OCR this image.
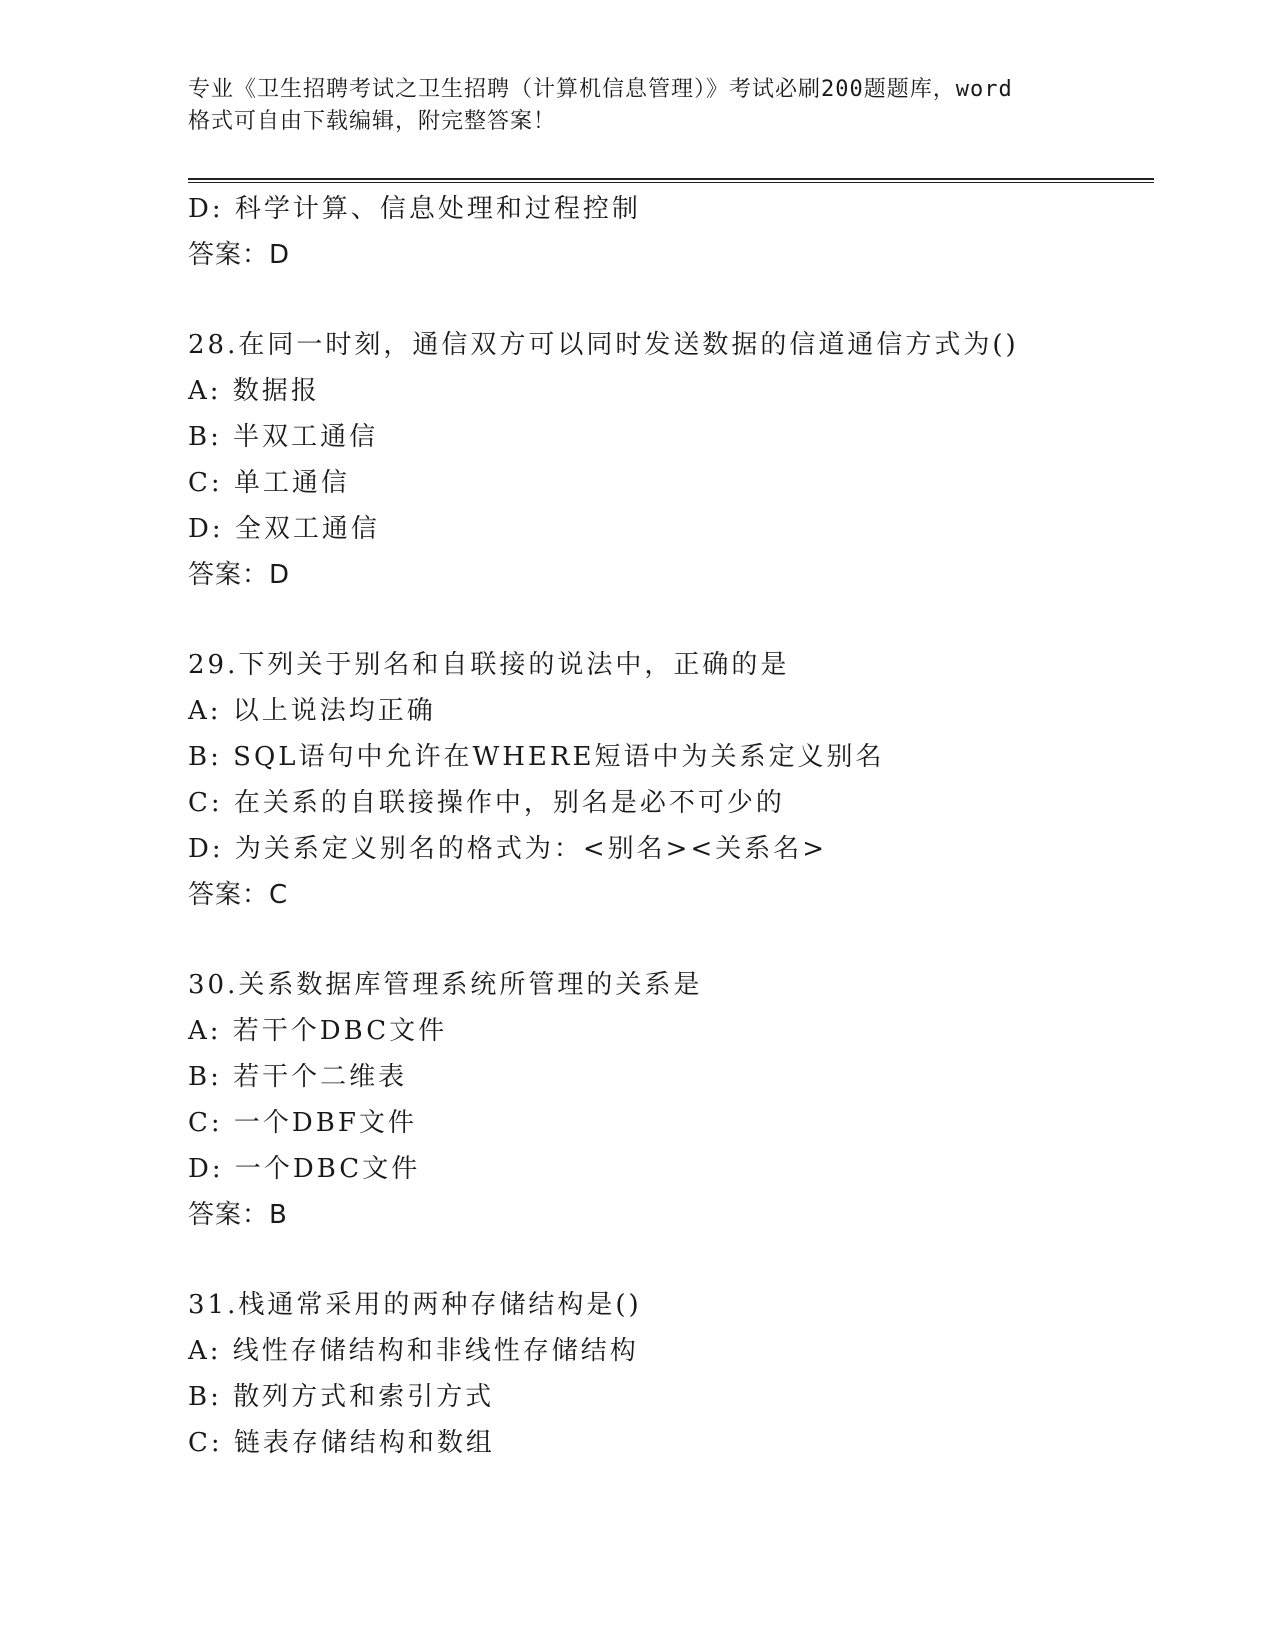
专业《卫生招聘考试之卫生招聘（计算机信息管理）》考试必刷200题题库，word
格式可自由下载编辑，附完整答案！
D: 科学计算、信息处理和过程控制
答案：D
28.在同一时刻，通信双方可以同时发送数据的信道通信方式为()
A: 数据报
B: 半双工通信
C: 单工通信
D: 全双工通信
答案：D
29.下列关于别名和自联接的说法中，正确的是
A: 以上说法均正确
B: SQL语句中允许在WHERE短语中为关系定义别名
C: 在关系的自联接操作中，别名是必不可少的
D: 为关系定义别名的格式为：<别名><关系名>
答案：C
30.关系数据库管理系统所管理的关系是
A: 若干个DBC文件
B: 若干个二维表
C: 一个DBF文件
D: 一个DBC文件
答案：B
31.栈通常采用的两种存储结构是()
A: 线性存储结构和非线性存储结构
B: 散列方式和索引方式
C: 链表存储结构和数组
